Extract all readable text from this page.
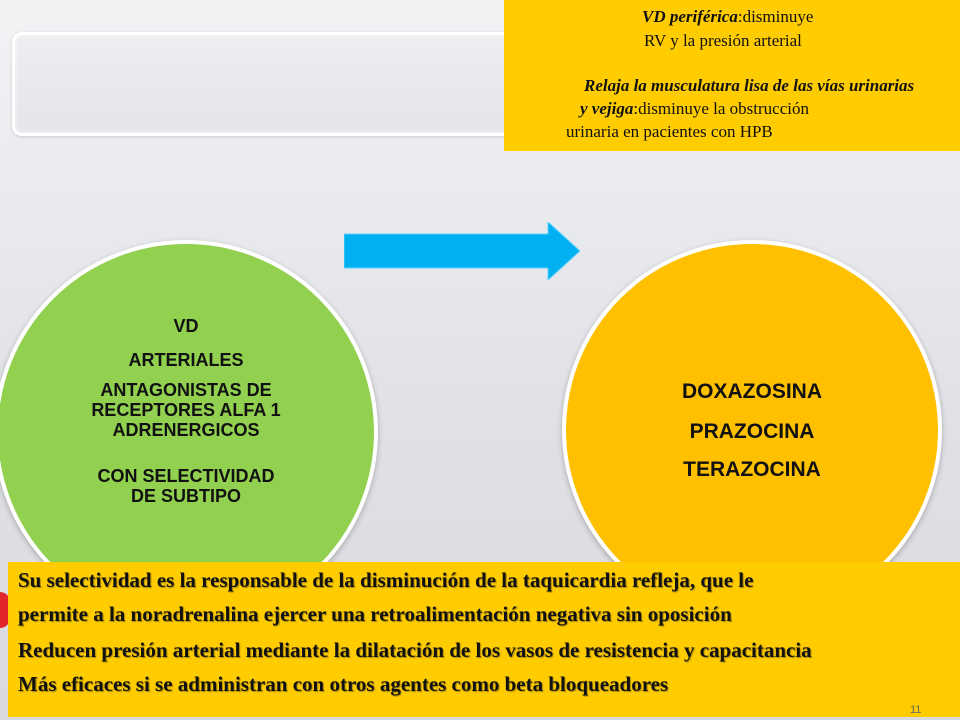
VD periférica:disminuye
RV y la presión arterial
Relaja la musculatura lisa de las vías urinarias
y vejiga:disminuye la obstrucción
urinaria en pacientes con HPB
VD
ARTERIALES
ANTAGONISTAS DE
RECEPTORES ALFA 1
ADRENERGICOS
CON SELECTIVIDAD
DE SUBTIPO
DOXAZOSINA
PRAZOCINA
TERAZOCINA
Su selectividad es la responsable de la disminución de la taquicardia refleja, que le
permite a la noradrenalina ejercer una retroalimentación negativa sin oposición
Reducen presión arterial mediante la dilatación de los vasos de resistencia y capacitancia
Más eficaces si se administran con otros agentes como beta bloqueadores
11
